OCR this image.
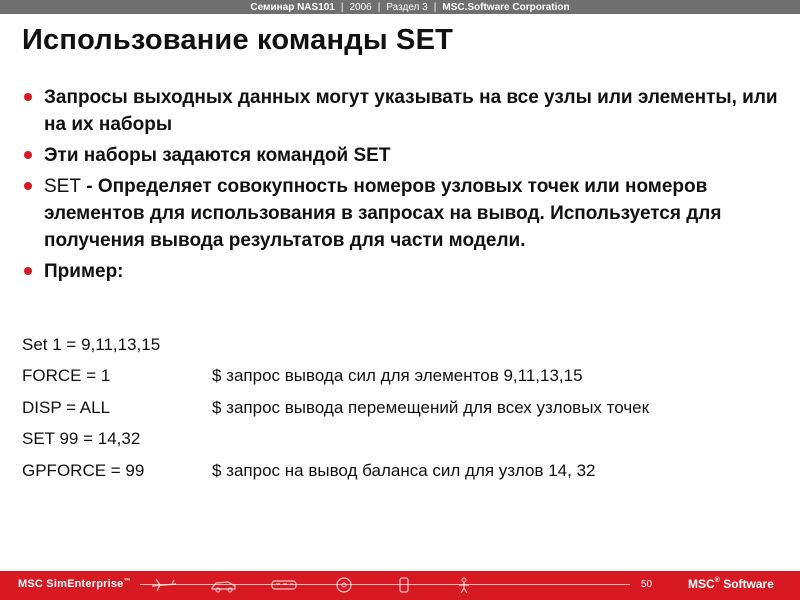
Семинар NAS101 | 2006 | Раздел 3 | MSC.Software Corporation
Использование команды SET
Запросы выходных данных могут указывать на все узлы или элементы, или на их наборы
Эти наборы задаются командой SET
SET - Определяет совокупность номеров узловых точек или номеров элементов для использования в запросах на вывод. Используется для получения вывода результатов для части модели.
Пример:
Set 1 = 9,11,13,15
FORCE = 1	$ запрос вывода сил для элементов 9,11,13,15
DISP = ALL	$ запрос вывода перемещений для всех узловых точек
SET 99 = 14,32
GPFORCE = 99	$ запрос на вывод баланса сил для узлов 14, 32
MSC SimEnterprise™	50	MSC® Software
